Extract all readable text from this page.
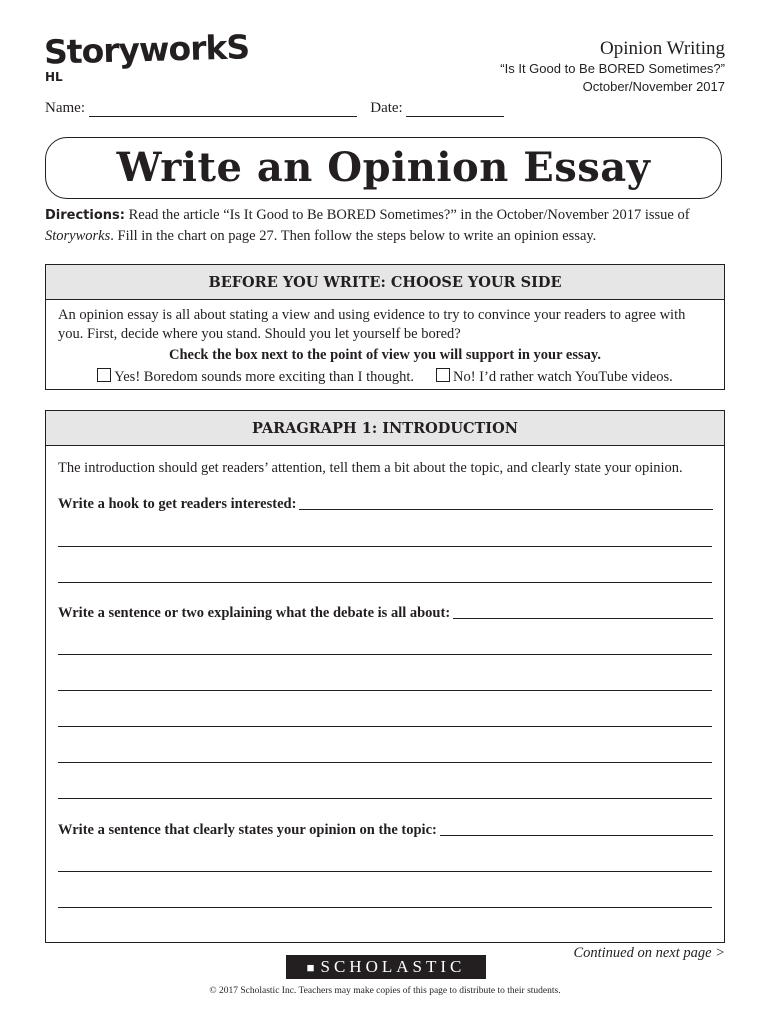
StoryworkS
HL
Opinion Writing
“Is It Good to Be BORED Sometimes?”
October/November 2017
Name:	Date:
Write an Opinion Essay
Directions: Read the article “Is It Good to Be BORED Sometimes?” in the October/November 2017 issue of Storyworks. Fill in the chart on page 27. Then follow the steps below to write an opinion essay.
BEFORE YOU WRITE: CHOOSE YOUR SIDE
An opinion essay is all about stating a view and using evidence to try to convince your readers to agree with you. First, decide where you stand. Should you let yourself be bored?
Check the box next to the point of view you will support in your essay.
Yes! Boredom sounds more exciting than I thought.	No! I’d rather watch YouTube videos.
PARAGRAPH 1: INTRODUCTION
The introduction should get readers’ attention, tell them a bit about the topic, and clearly state your opinion.
Write a hook to get readers interested:
Write a sentence or two explaining what the debate is all about:
Write a sentence that clearly states your opinion on the topic:
Continued on next page >
■ SCHOLASTIC
© 2017 Scholastic Inc. Teachers may make copies of this page to distribute to their students.
